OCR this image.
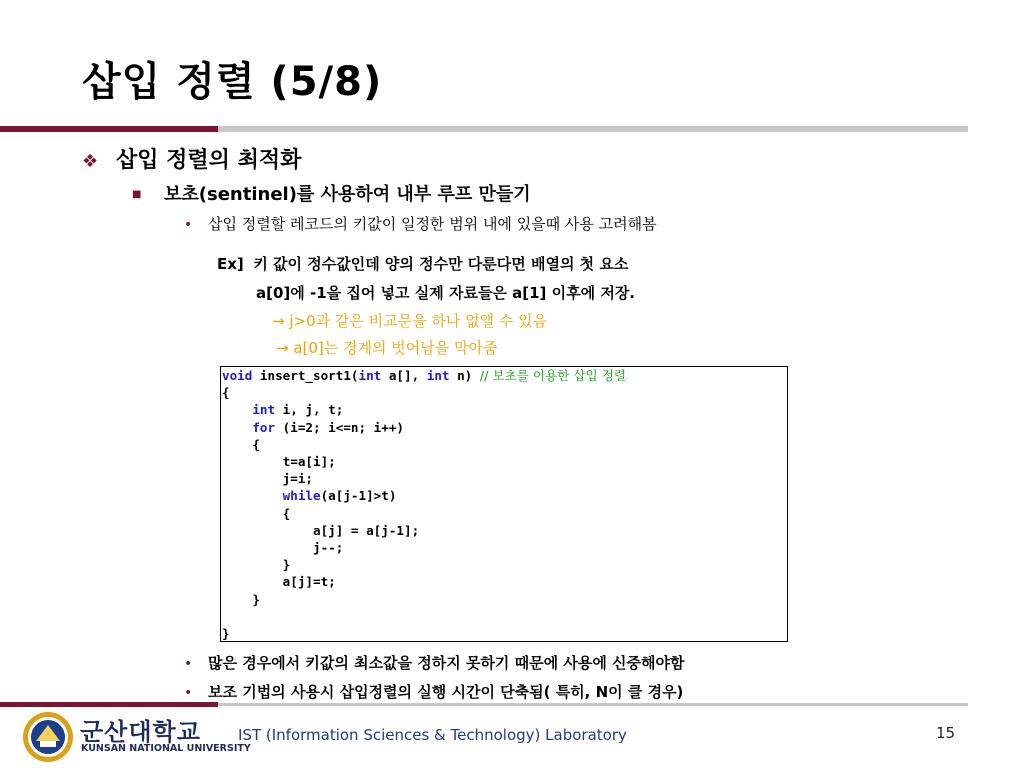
삽입 정렬 (5/8)
❖ 삽입 정렬의 최적화
■ 보초(sentinel)를 사용하여 내부 루프 만들기
• 삽입 정렬할 레코드의 키값이 일정한 범위 내에 있을때 사용 고려해봄
Ex] 키 값이 정수값인데 양의 정수만 다룬다면 배열의 첫 요소
a[0]에 -1을 집어 넣고 실제 자료들은 a[1] 이후에 저장.
→ j>0과 같은 비교문을 하나 없앨 수 있음
→ a[0]는 경계의 벗어남을 막아줌
void insert_sort1(int a[], int n) // 보초를 이용한 삽입 정렬
{
int i, j, t;
for (i=2; i<=n; i++)
{
t=a[i];
j=i;
while(a[j-1]>t)
{
a[j] = a[j-1];
j--;
}
a[j]=t;
}

}
• 많은 경우에서 키값의 최소값을 정하지 못하기 때문에 사용에 신중해야함
• 보조 기법의 사용시 삽입정렬의 실행 시간이 단축됨( 특히, N이 클 경우)
군산대학교
KUNSAN NATIONAL UNIVERSITY
IST (Information Sciences & Technology) Laboratory	15
